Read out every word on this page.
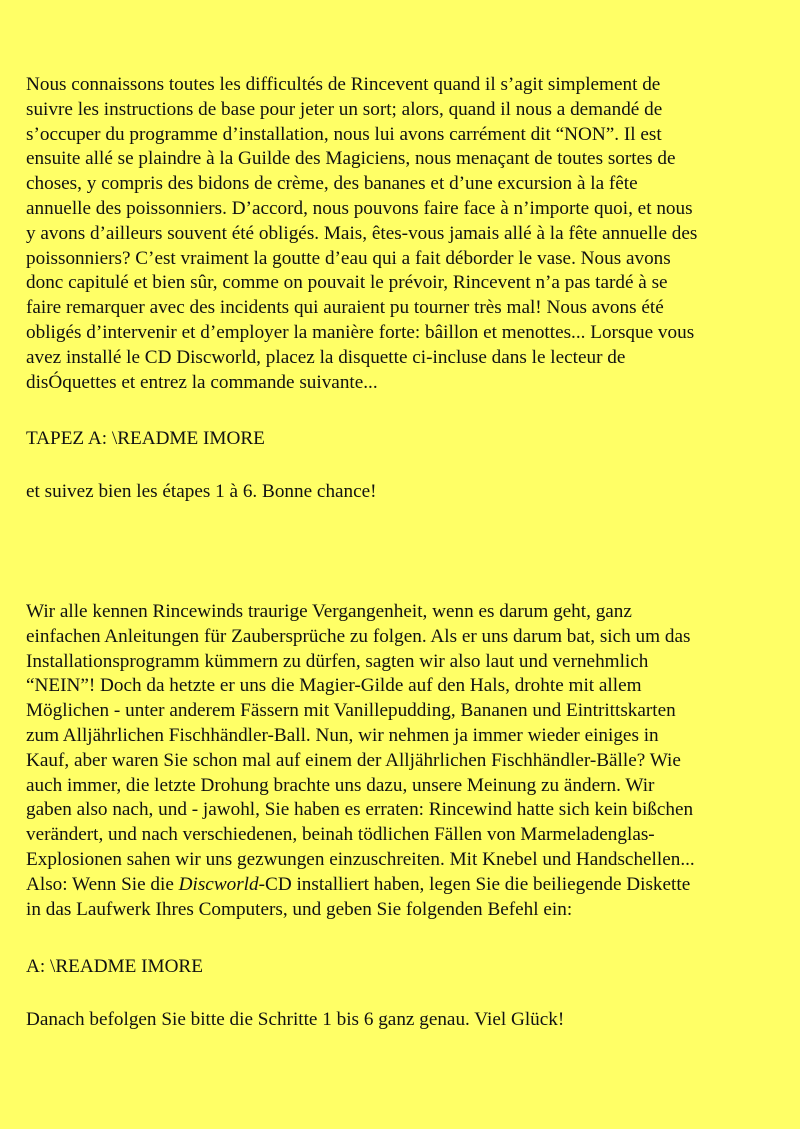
Nous connaissons toutes les difficultés de Rincevent quand il s’agit simplement de
suivre les instructions de base pour jeter un sort; alors, quand il nous a demandé de
s’occuper du programme d’installation, nous lui avons carrément dit “NON”. Il est
ensuite allé se plaindre à la Guilde des Magiciens, nous menaçant de toutes sortes de
choses, y compris des bidons de crème, des bananes et d’une excursion à la fête
annuelle des poissonniers. D’accord, nous pouvons faire face à n’importe quoi, et nous
y avons d’ailleurs souvent été obligés. Mais, êtes-vous jamais allé à la fête annuelle des
poissonniers? C’est vraiment la goutte d’eau qui a fait déborder le vase. Nous avons
donc capitulé et bien sûr, comme on pouvait le prévoir, Rincevent n’a pas tardé à se
faire remarquer avec des incidents qui auraient pu tourner très mal! Nous avons été
obligés d’intervenir et d’employer la manière forte: bâillon et menottes... Lorsque vous
avez installé le CD Discworld, placez la disquette ci-incluse dans le lecteur de
disÓquettes et entrez la commande suivante...

TAPEZ A: \README IMORE

et suivez bien les étapes 1 à 6. Bonne chance!

Wir alle kennen Rincewinds traurige Vergangenheit, wenn es darum geht, ganz
einfachen Anleitungen für Zaubersprüche zu folgen. Als er uns darum bat, sich um das
Installationsprogramm kümmern zu dürfen, sagten wir also laut und vernehmlich
“NEIN”! Doch da hetzte er uns die Magier-Gilde auf den Hals, drohte mit allem
Möglichen - unter anderem Fässern mit Vanillepudding, Bananen und Eintrittskarten
zum Alljährlichen Fischhändler-Ball. Nun, wir nehmen ja immer wieder einiges in
Kauf, aber waren Sie schon mal auf einem der Alljährlichen Fischhändler-Bälle? Wie
auch immer, die letzte Drohung brachte uns dazu, unsere Meinung zu ändern. Wir
gaben also nach, und - jawohl, Sie haben es erraten: Rincewind hatte sich kein bißchen
verändert, und nach verschiedenen, beinah tödlichen Fällen von Marmeladenglas-
Explosionen sahen wir uns gezwungen einzuschreiten. Mit Knebel und Handschellen...
Also: Wenn Sie die Discworld-CD installiert haben, legen Sie die beiliegende Diskette
in das Laufwerk Ihres Computers, und geben Sie folgenden Befehl ein:

A: \README IMORE

Danach befolgen Sie bitte die Schritte 1 bis 6 ganz genau. Viel Glück!
